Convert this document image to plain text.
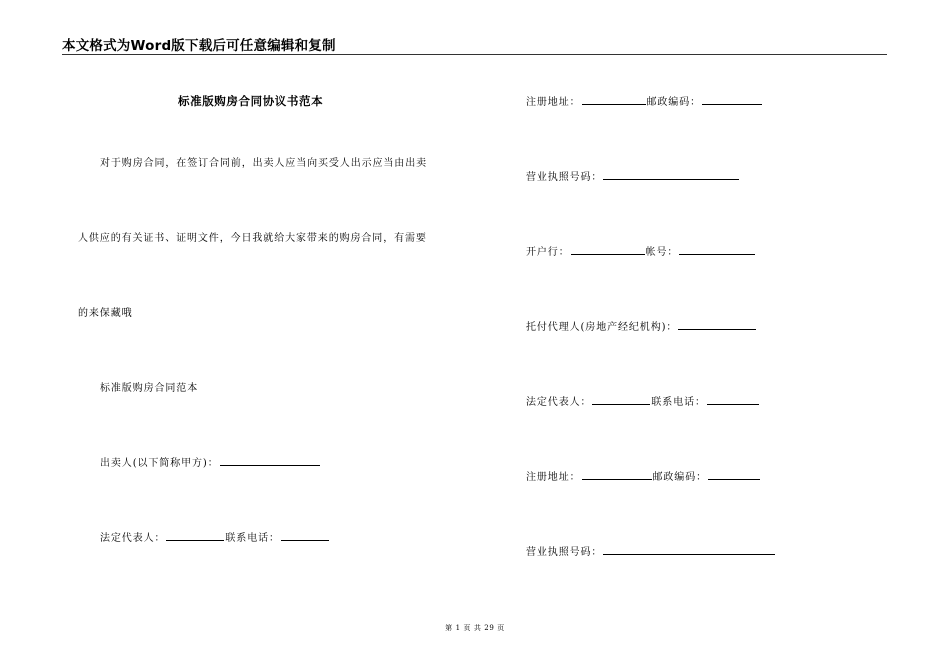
本文格式为Word版下载后可任意编辑和复制
标准版购房合同协议书范本
对于购房合同，在签订合同前，出卖人应当向买受人出示应当由出卖
人供应的有关证书、证明文件，今日我就给大家带来的购房合同，有需要
的来保藏哦
标准版购房合同范本
出卖人(以下简称甲方)：
法定代表人：	联系电话：
注册地址：	邮政编码：
营业执照号码：
开户行：	帐号：
托付代理人(房地产经纪机构)：
法定代表人：	联系电话：
注册地址：	邮政编码：
营业执照号码：
第 1 页 共 29 页
